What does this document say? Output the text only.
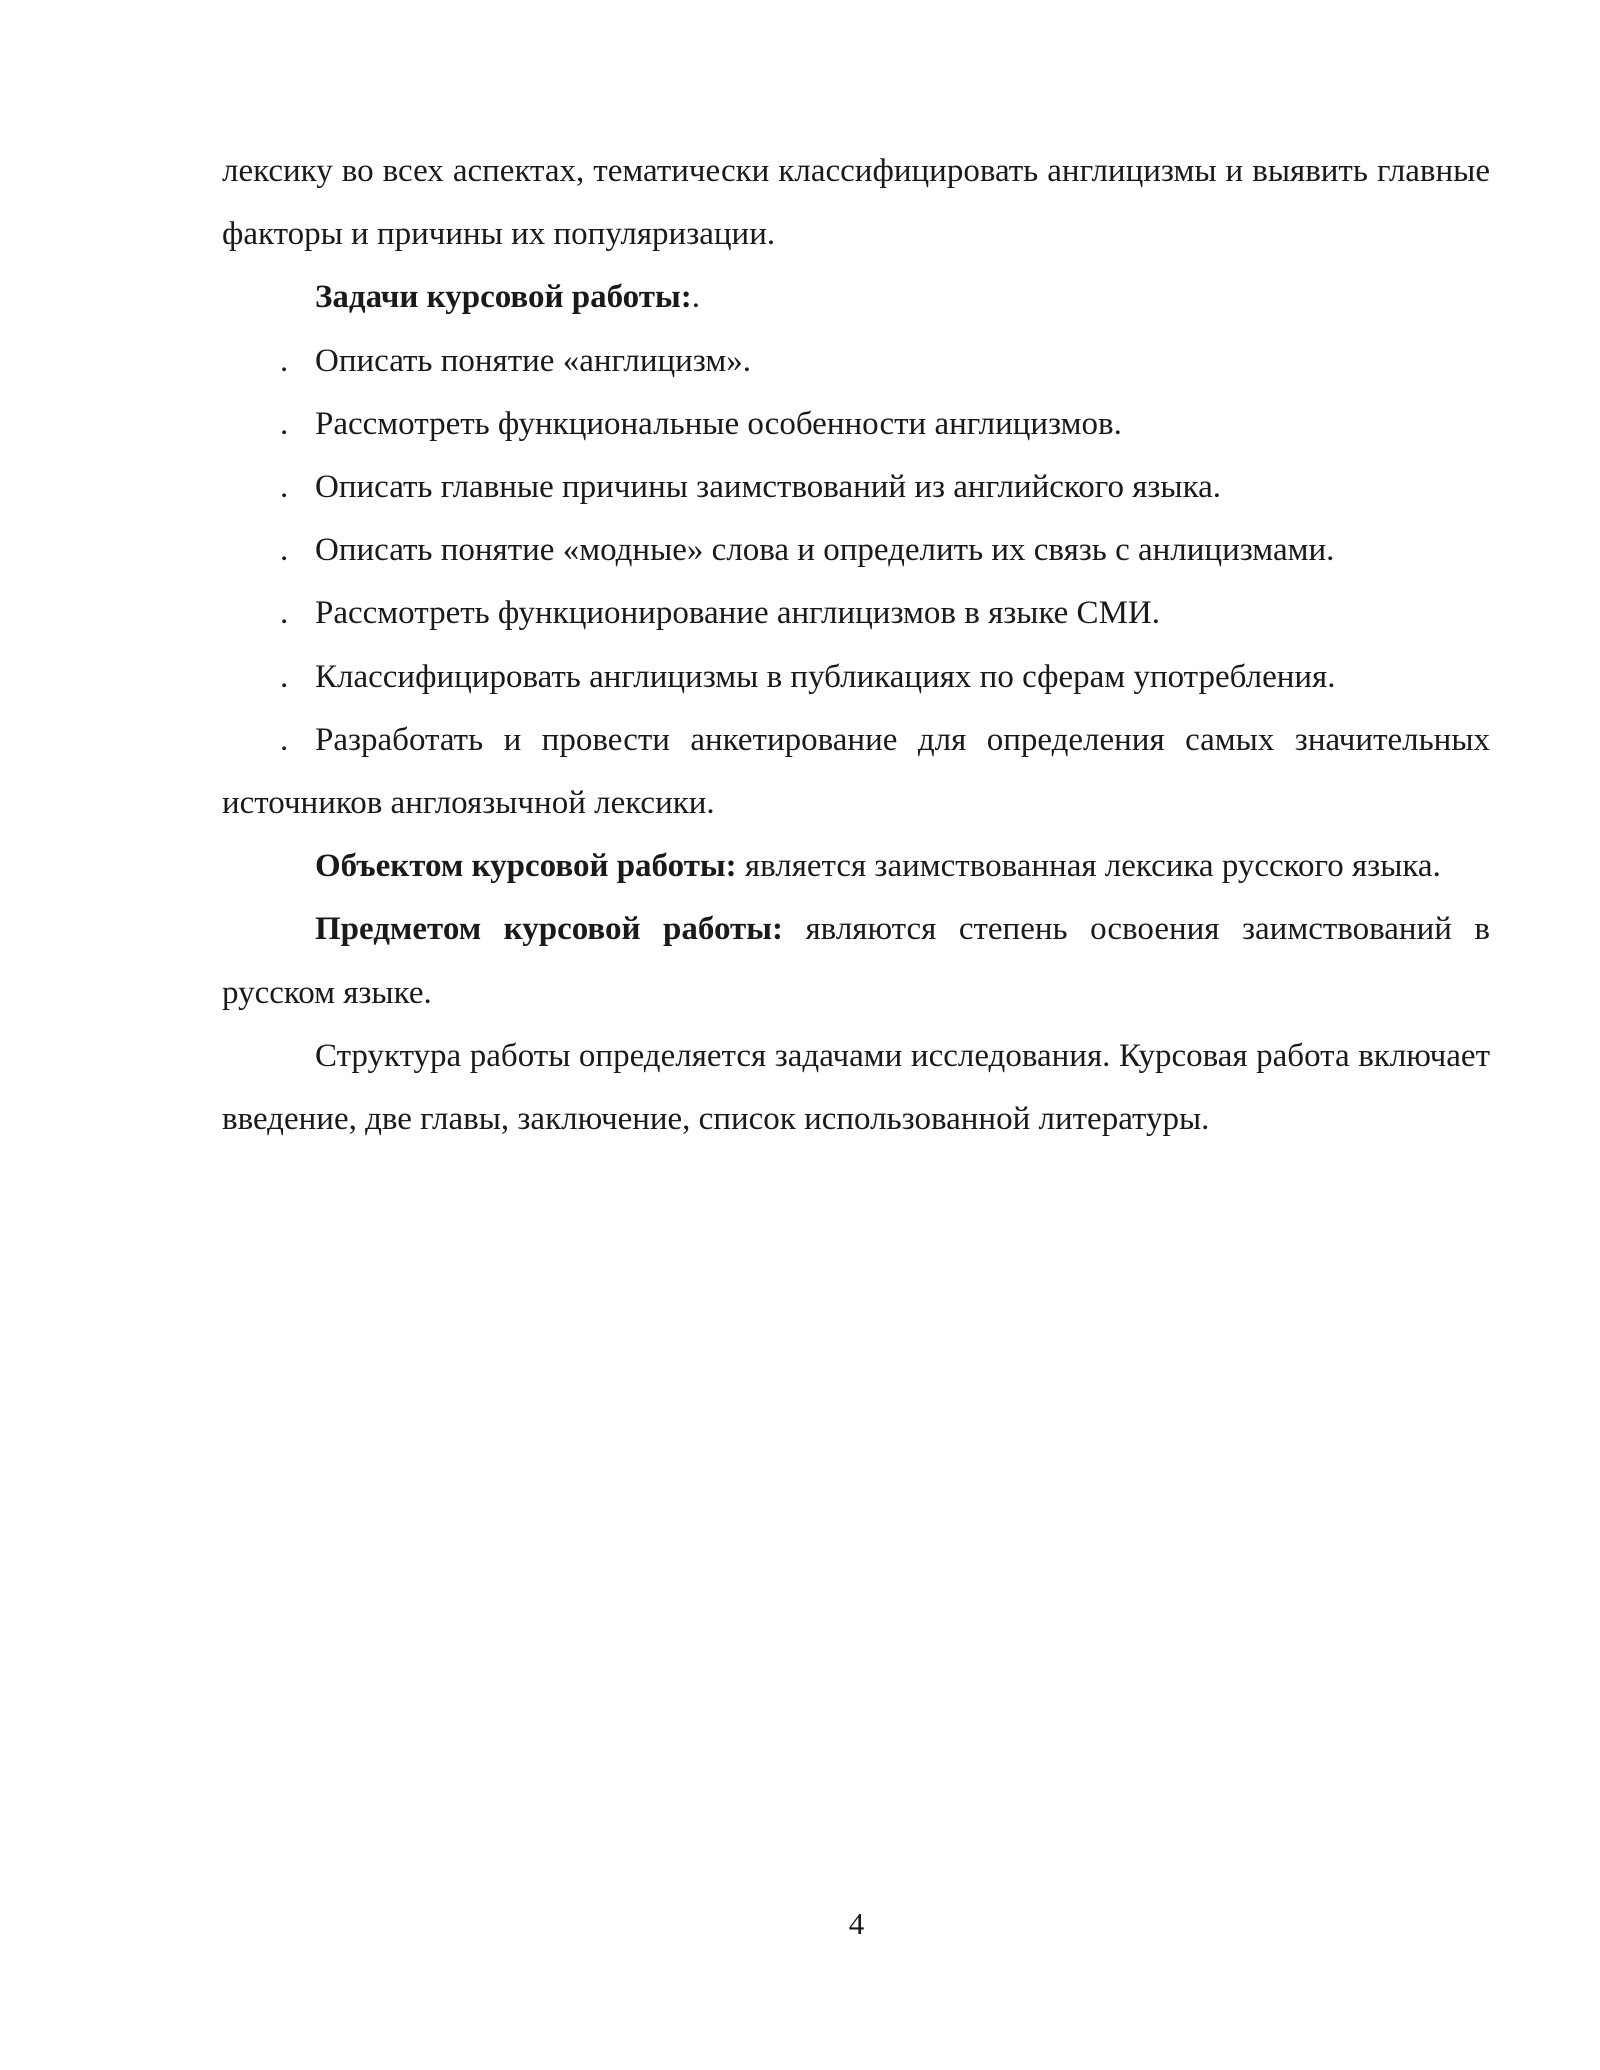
лексику во всех аспектах, тематически классифицировать англицизмы и выявить главные факторы и причины их популяризации.

Задачи курсовой работы:.

. Описать понятие «англицизм».

. Рассмотреть функциональные особенности англицизмов.

. Описать главные причины заимствований из английского языка.

. Описать понятие «модные» слова и определить их связь с анлицизмами.

. Рассмотреть функционирование англицизмов в языке СМИ.

. Классифицировать англицизмы в публикациях по сферам употребления.

. Разработать и провести анкетирование для определения самых значительных источников англоязычной лексики.

Объектом курсовой работы: является заимствованная лексика русского языка.

Предметом курсовой работы: являются степень освоения заимствований в русском языке.

Структура работы определяется задачами исследования. Курсовая работа включает введение, две главы, заключение, список использованной литературы.

4
